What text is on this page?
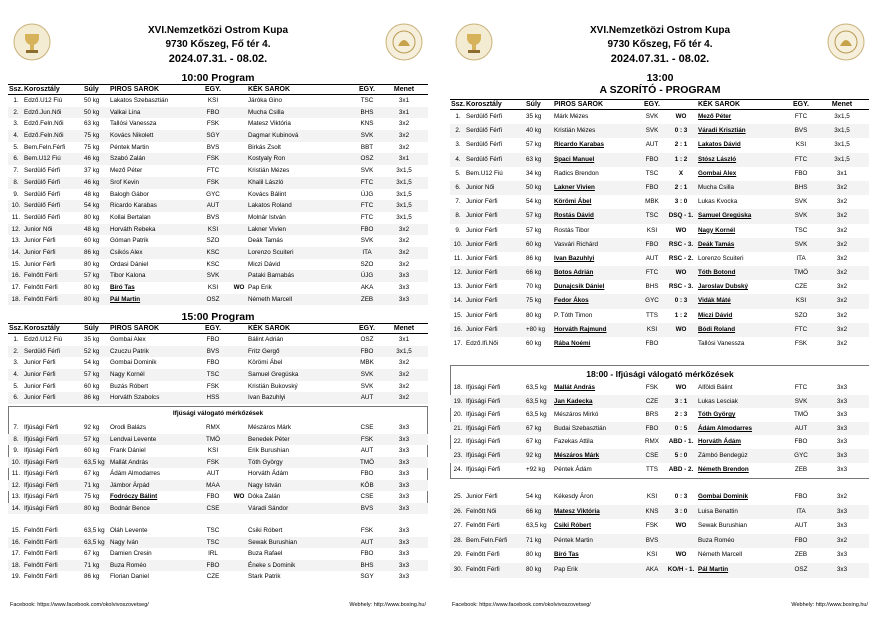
XVI.Nemzetközi Ostrom Kupa
9730 Kőszeg, Fő tér 4.
2024.07.31. - 08.02.
10:00 Program
Ssz. Korosztály	Súly	PIROS SAROK	EGY.	KÉK SAROK	EGY.	Menet
1. Edző.U12 Fiú	50 kg	Lakatos Szebasztián	KSI	Járóka Gino	TSC	3x1
2. Edző.Jun.Női	50 kg	Valkai Lina	FBO	Mucha Csilla	BHS	3x1
3. Edző.Feln.Női	63 kg	Tallósi Vanessza	FSK	Matesz Viktória	KNS	3x2
4. Edző.Feln.Női	75 kg	Kovács Nikolett	SGY	Dagmar Kubinová	SVK	3x2
5. Bem.Feln.Férfi	75 kg	Péntek Martin	BVS	Birkás Zsolt	BBT	3x2
6. Bem.U12 Fiú	46 kg	Szabó Zalán	FSK	Kostyaly Ron	OSZ	3x1
7. Serdülő Férfi	37 kg	Mező Péter	FTC	Kristián Mézes	SVK	3x1,5
8. Serdülő Férfi	46 kg	Srof Kevin	FSK	Khalil László	FTC	3x1,5
9. Serdülő Férfi	48 kg	Balogh Gábor	GYC	Kovács Bálint	ÚJG	3x1,5
10. Serdülő Férfi	54 kg	Ricardo Karabas	AUT	Lakatos Roland	FTC	3x1,5
11. Serdülő Férfi	80 kg	Kollai Bertalan	BVS	Molnár István	FTC	3x1,5
12. Junior Női	48 kg	Horváth Rebeka	KSI	Lakner Vivien	FBO	3x2
13. Junior Férfi	60 kg	Góman Patrik	SZO	Deák Tamás	SVK	3x2
14. Junior Férfi	86 kg	Csikós Alex	KSC	Lorenzo Scuiteri	ITA	3x2
15. Junior Férfi	80 kg	Ordasi Dániel	KSC	Miczi Dávid	SZO	3x2
16. Felnőtt Férfi	57 kg	Tibor Kalona	SVK	Pataki Barnabás	ÚJG	3x3
17. Felnőtt Férfi	80 kg	Bíró Tas	KSI	WO Pap Erik	AKA	3x3
18. Felnőtt Férfi	80 kg	Pál Martin	OSZ	Németh Marcell	ZEB	3x3
15:00 Program
Ssz. Korosztály	Súly	PIROS SAROK	EGY.	KÉK SAROK	EGY.	Menet
1. Edző.U12 Fiú	35 kg	Gombai Alex	FBO	Bálint Adrián	OSZ	3x1
2. Serdülő Férfi	52 kg	Czuczu Patrik	BVS	Fritz Gergő	FBO	3x1,5
3. Junior Férfi	54 kg	Gombai Dominik	FBO	Körömi Ábel	MBK	3x2
4. Junior Férfi	57 kg	Nagy Kornél	TSC	Samuel Gregúska	SVK	3x2
5. Junior Férfi	60 kg	Buzás Róbert	FSK	Kristián Bukovský	SVK	3x2
6. Junior Férfi	86 kg	Horváth Szabolcs	HSS	Ivan Bazuhlyi	AUT	3x2
Ifjúsági válogató mérkőzések
7. Ifjúsági Férfi	92 kg	Orodi Balázs	RMX	Mészáros Márk	CSE	3x3
8. Ifjúsági Férfi	57 kg	Lendvai Levente	TMÖ	Benedek Péter	FSK	3x3
9. Ifjúsági Férfi	60 kg	Frank Dániel	KSI	Erik Burushian	AUT	3x3
10. Ifjúsági Férfi	63,5 kg Mallát András	FSK	Tóth György	TMÖ	3x3
11. Ifjúsági Férfi	67 kg	Ádám Almodarres	AUT	Horváth Ádám	FBO	3x3
12. Ifjúsági Férfi	71 kg	Jámbor Árpád	MAA	Nagy István	KÖB	3x3
13. Ifjúsági Férfi	75 kg	Fodróczy Bálint	FBO	WO Dóka Zalán	CSE	3x3
14. Ifjúsági Férfi	80 kg	Bodnár Bence	CSE	Váradi Sándor	BVS	3x3
15. Felnőtt Férfi	63,5 kg Oláh Levente	TSC	Csiki Róbert	FSK	3x3
16. Felnőtt Férfi	63,5 kg Nagy Iván	TSC	Sewak Burushian	AUT	3x3
17. Felnőtt Férfi	67 kg	Damien Cresin	IRL	Buza Rafael	FBO	3x3
18. Felnőtt Férfi	71 kg	Buza Roméo	FBO	Éneke s Dominik	BHS	3x3
19. Felnőtt Férfi	86 kg	Florian Daniel	CZE	Stark Patrik	SGY	3x3
Facebook: https://www.facebook.com/okolvivoszovetseg/	Webhely: http://www.boxing.hu/
XVI.Nemzetközi Ostrom Kupa
9730 Kőszeg, Fő tér 4.
2024.07.31. - 08.02.
13:00
A SZORÍTÓ - PROGRAM
Ssz. Korosztály	Súly	PIROS SAROK	EGY.	KÉK SAROK	EGY.	Menet
1. Serdülő Férfi	35 kg	Márk Mézes	SVK	WO	Mező Péter	FTC	3x1,5
2. Serdülő Férfi	40 kg	Kristián Mézes	SVK	0 : 3	Váradi Krisztián	BVS	3x1,5
3. Serdülő Férfi	57 kg	Ricardo Karabas	AUT	2 : 1	Lakatos Dávid	KSI	3x1,5
4. Serdülő Férfi	63 kg	Spaci Manuel	FBO	1 : 2	Stósz László	FTC	3x1,5
5. Bem.U12 Fiú	34 kg	Radics Brendon	TSC	X	Gombai Alex	FBO	3x1
6. Junior Női	50 kg	Lakner Vivien	FBO	2 : 1	Mucha Csilla	BHS	3x2
7. Junior Férfi	54 kg	Körömi Ábel	MBK	3 : 0	Lukas Kvocka	SVK	3x2
8. Junior Férfi	57 kg	Rostás Dávid	TSC	DSQ - 1. Samuel Gregúska	SVK	3x2
9. Junior Férfi	57 kg	Rostás Tibor	KSI	WO	Nagy Kornél	TSC	3x2
10. Junior Férfi	60 kg	Vasvári Richárd	FBO	RSC - 3. Deák Tamás	SVK	3x2
11. Junior Férfi	86 kg	Ivan Bazuhlyi	AUT	RSC - 2. Lorenzo Scuiteri	ITA	3x2
12. Junior Férfi	66 kg	Botos Adrián	FTC	WO	Tóth Botond	TMÖ	3x2
13. Junior Férfi	70 kg	Dunajcsik Dániel	BHS	RSC - 3. Jaroslav Dubský	CZE	3x2
14. Junior Férfi	75 kg	Fedor Ákos	GYC	0 : 3	Vidák Máté	KSI	3x2
15. Junior Férfi	80 kg	P. Tóth Timon	TTS	1 : 2	Miczi Dávid	SZO	3x2
16. Junior Férfi	+80 kg	Horváth Rajmund	KSI	WO	Bódi Roland	FTC	3x2
17. Edző.Ifi.Női	60 kg	Rába Noémi	FBO	Tallósi Vanessza	FSK	3x2
18:00 - Ifjúsági válogató mérkőzések
18. Ifjúsági Férfi	63,5 kg	Mallát András	FSK	WO	Alföldi Bálint	FTC	3x3
19. Ifjúsági Férfi	63,5 kg	Jan Kadecka	CZE	3 : 1	Lukas Lesciak	SVK	3x3
20. Ifjúsági Férfi	63,5 kg	Mészáros Mirkó	BRS	2 : 3	Tóth György	TMÖ	3x3
21. Ifjúsági Férfi	67 kg	Budai Szebasztián	FBO	0 : 5	Ádám Almodarres	AUT	3x3
22. Ifjúsági Férfi	67 kg	Fazekas Attila	RMX	ABD - 1. Horváth Ádám	FBO	3x3
23. Ifjúsági Férfi	92 kg	Mészáros Márk	CSE	5 : 0	Zámbó Bendegúz	GYC	3x3
24. Ifjúsági Férfi	+92 kg	Péntek Ádám	TTS	ABD - 2. Németh Brendon	ZEB	3x3
25. Junior Férfi	54 kg	Kékesdy Áron	KSI	0 : 3	Gombai Dominik	FBO	3x2
26. Felnőtt Női	66 kg	Matesz Viktória	KNS	3 : 0	Luisa Benattin	ITA	3x3
27. Felnőtt Férfi	63,5 kg	Csiki Róbert	FSK	WO	Sewak Burushian	AUT	3x3
28. Bem.Feln.Férfi	71 kg	Péntek Martin	BVS	Buza Roméo	FBO	3x2
29. Felnőtt Férfi	80 kg	Bíró Tas	KSI	WO	Németh Marcell	ZEB	3x3
30. Felnőtt Férfi	80 kg	Pap Erik	AKA	KO/H - 1. Pál Martin	OSZ	3x3
Facebook: https://www.facebook.com/okolvivoszovetseg/	Webhely: http://www.boxing.hu/
